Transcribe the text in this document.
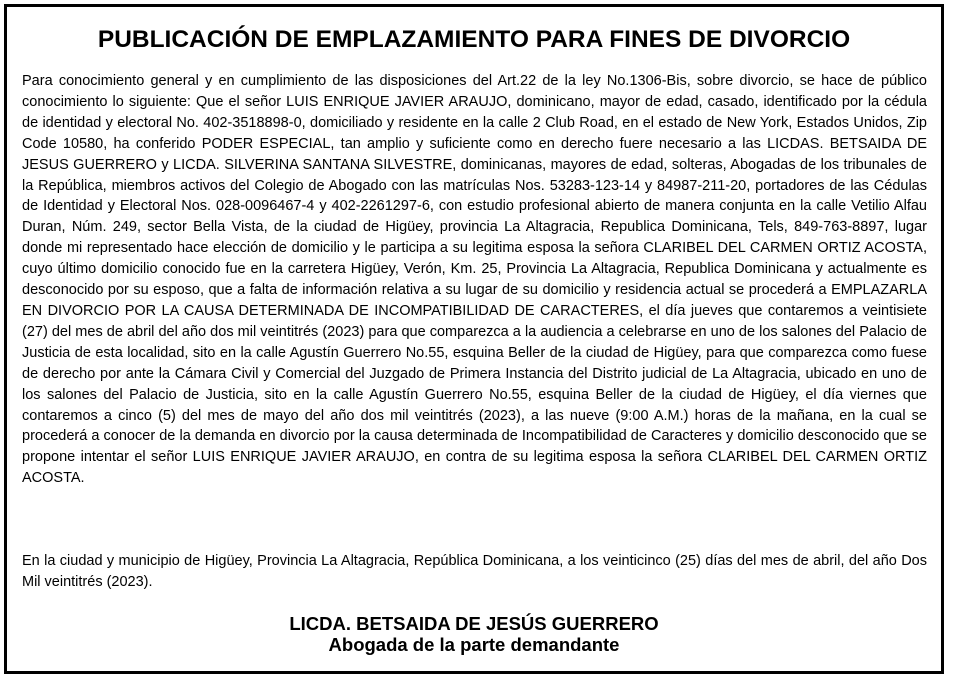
PUBLICACIÓN DE EMPLAZAMIENTO PARA FINES DE DIVORCIO

Para conocimiento general y en cumplimiento de las disposiciones del Art.22 de la ley No.1306-Bis, sobre divorcio, se hace de público conocimiento lo siguiente: Que el señor LUIS ENRIQUE JAVIER ARAUJO, dominicano, mayor de edad, casado, identificado por la cédula de identidad y electoral No. 402-3518898-0, domiciliado y residente en la calle 2 Club Road, en el estado de New York, Estados Unidos, Zip Code 10580, ha conferido PODER ESPECIAL, tan amplio y suficiente como en derecho fuere necesario a las LICDAS. BETSAIDA DE JESUS GUERRERO y LICDA. SILVERINA SANTANA SILVESTRE, dominicanas, mayores de edad, solteras, Abogadas de los tribunales de la República, miembros activos del Colegio de Abogado con las matrículas Nos. 53283-123-14 y 84987-211-20, portadores de las Cédulas de Identidad y Electoral Nos. 028-0096467-4 y 402-2261297-6, con estudio profesional abierto de manera conjunta en la calle Vetilio Alfau Duran, Núm. 249, sector Bella Vista, de la ciudad de Higüey, provincia La Altagracia, Republica Dominicana, Tels, 849-763-8897, lugar donde mi representado hace elección de domicilio y le participa a su legitima esposa la señora CLARIBEL DEL CARMEN ORTIZ ACOSTA, cuyo último domicilio conocido fue en la carretera Higüey, Verón, Km. 25, Provincia La Altagracia, Republica Dominicana y actualmente es desconocido por su esposo, que a falta de información relativa a su lugar de su domicilio y residencia actual se procederá a EMPLAZARLA EN DIVORCIO POR LA CAUSA DETERMINADA DE INCOMPATIBILIDAD DE CARACTERES, el día jueves que contaremos a veintisiete (27) del mes de abril del año dos mil veintitrés (2023) para que comparezca a la audiencia a celebrarse en uno de los salones del Palacio de Justicia de esta localidad, sito en la calle Agustín Guerrero No.55, esquina Beller de la ciudad de Higüey, para que comparezca como fuese de derecho por ante la Cámara Civil y Comercial del Juzgado de Primera Instancia del Distrito judicial de La Altagracia, ubicado en uno de los salones del Palacio de Justicia, sito en la calle Agustín Guerrero No.55, esquina Beller de la ciudad de Higüey, el día viernes que contaremos a cinco (5) del mes de mayo del año dos mil veintitrés (2023), a las nueve (9:00 A.M.) horas de la mañana, en la cual se procederá a conocer de la demanda en divorcio por la causa determinada de Incompatibilidad de Caracteres y domicilio desconocido que se propone intentar el señor LUIS ENRIQUE JAVIER ARAUJO, en contra de su legitima esposa la señora CLARIBEL DEL CARMEN ORTIZ ACOSTA.

En la ciudad y municipio de Higüey, Provincia La Altagracia, República Dominicana, a los veinticinco (25) días del mes de abril, del año Dos Mil veintitrés (2023).

LICDA. BETSAIDA DE JESÚS GUERRERO
Abogada de la parte demandante
